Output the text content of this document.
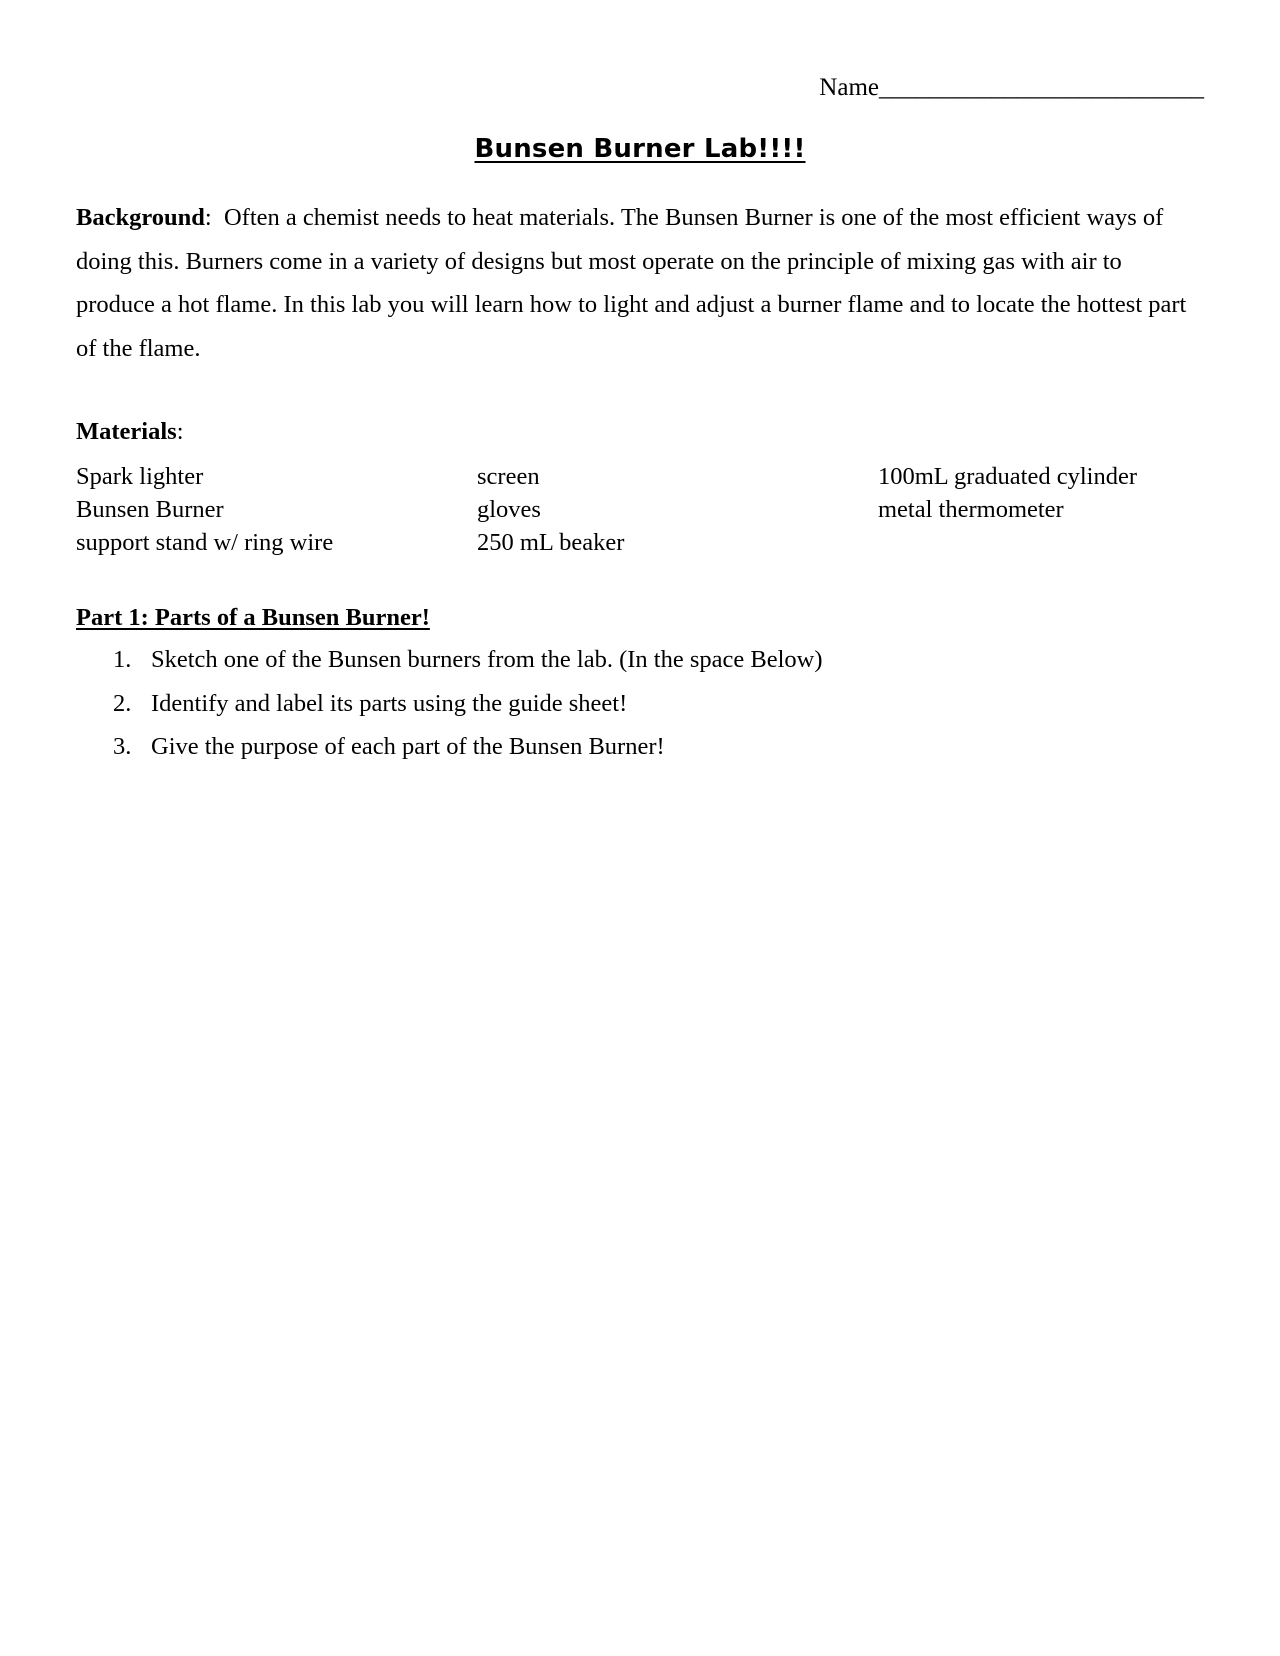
Name__________________________
Bunsen Burner Lab!!!!
Background: Often a chemist needs to heat materials. The Bunsen Burner is one of the most efficient ways of doing this. Burners come in a variety of designs but most operate on the principle of mixing gas with air to produce a hot flame. In this lab you will learn how to light and adjust a burner flame and to locate the hottest part of the flame.
Materials:
Spark lighter
Bunsen Burner
support stand w/ ring wire
screen
gloves
250 mL beaker
100mL graduated cylinder
metal thermometer
Part 1: Parts of a Bunsen Burner!
1. Sketch one of the Bunsen burners from the lab. (In the space Below)
2. Identify and label its parts using the guide sheet!
3. Give the purpose of each part of the Bunsen Burner!
